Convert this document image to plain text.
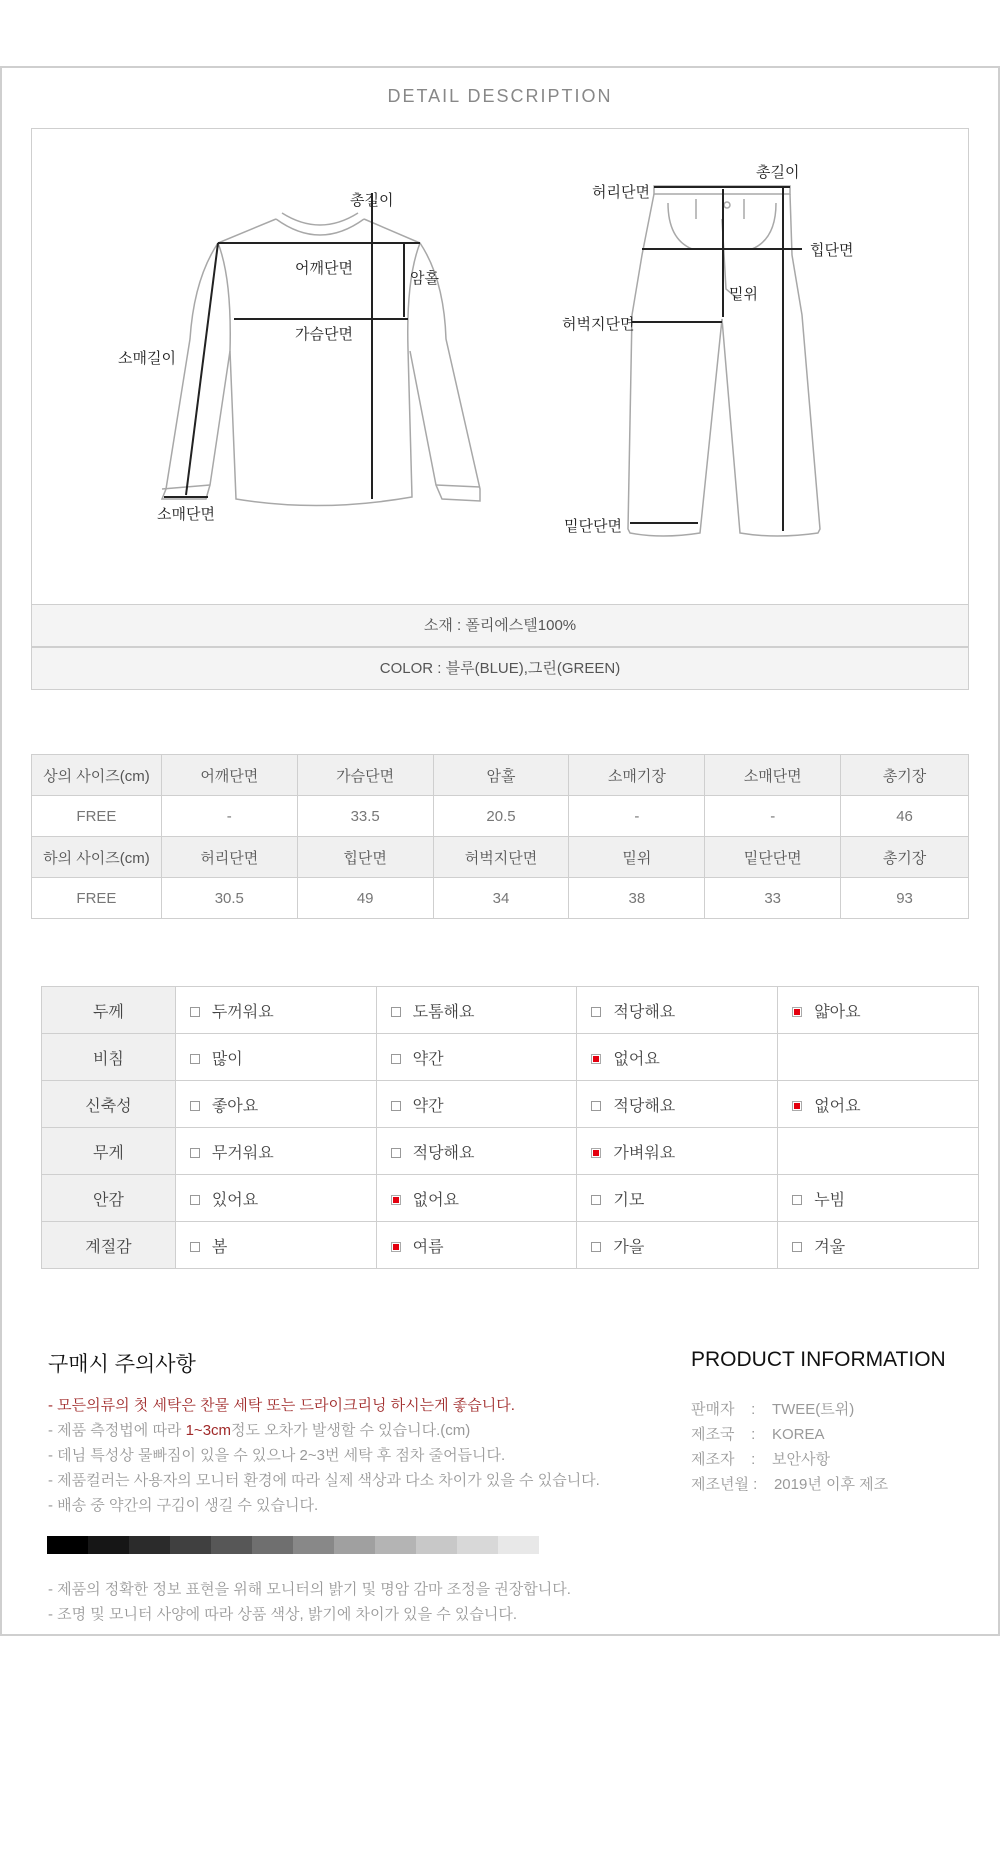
DETAIL DESCRIPTION
총길이
어깨단면
암홀
가슴단면
소매길이
소매단면
허리단면
총길이
힙단면
밑위
허벅지단면
밑단단면
소재 : 폴리에스텔100%
COLOR : 블루(BLUE),그린(GREEN)
상의 사이즈(cm)	어깨단면	가슴단면	암홀	소매기장	소매단면	총기장
FREE	-	33.5	20.5	-	-	46
하의 사이즈(cm)	허리단면	힙단면	허벅지단면	밑위	밑단단면	총기장
FREE	30.5	49	34	38	33	93
두께	두꺼워요	도톰해요	적당해요	얇아요
비침	많이	약간	없어요	
신축성	좋아요	약간	적당해요	없어요
무게	무거워요	적당해요	가벼워요	
안감	있어요	없어요	기모	누빔
계절감	봄	여름	가을	겨울
구매시 주의사항
- 모든의류의 첫 세탁은 찬물 세탁 또는 드라이크리닝 하시는게 좋습니다.
- 제품 측정법에 따라 1~3cm정도 오차가 발생할 수 있습니다.(cm)
- 데님 특성상 물빠짐이 있을 수 있으나 2~3번 세탁 후 점차 줄어듭니다.
- 제품컬러는 사용자의 모니터 환경에 따라 실제 색상과 다소 차이가 있을 수 있습니다.
- 배송 중 약간의 구김이 생길 수 있습니다.
- 제품의 정확한 정보 표현을 위해 모니터의 밝기 및 명암 감마 조정을 권장합니다.
- 조명 및 모니터 사양에 따라 상품 색상, 밝기에 차이가 있을 수 있습니다.
PRODUCT INFORMATION
판매자    :    TWEE(트위)
제조국    :    KOREA
제조자    :    보안사항
제조년월 :    2019년 이후 제조
